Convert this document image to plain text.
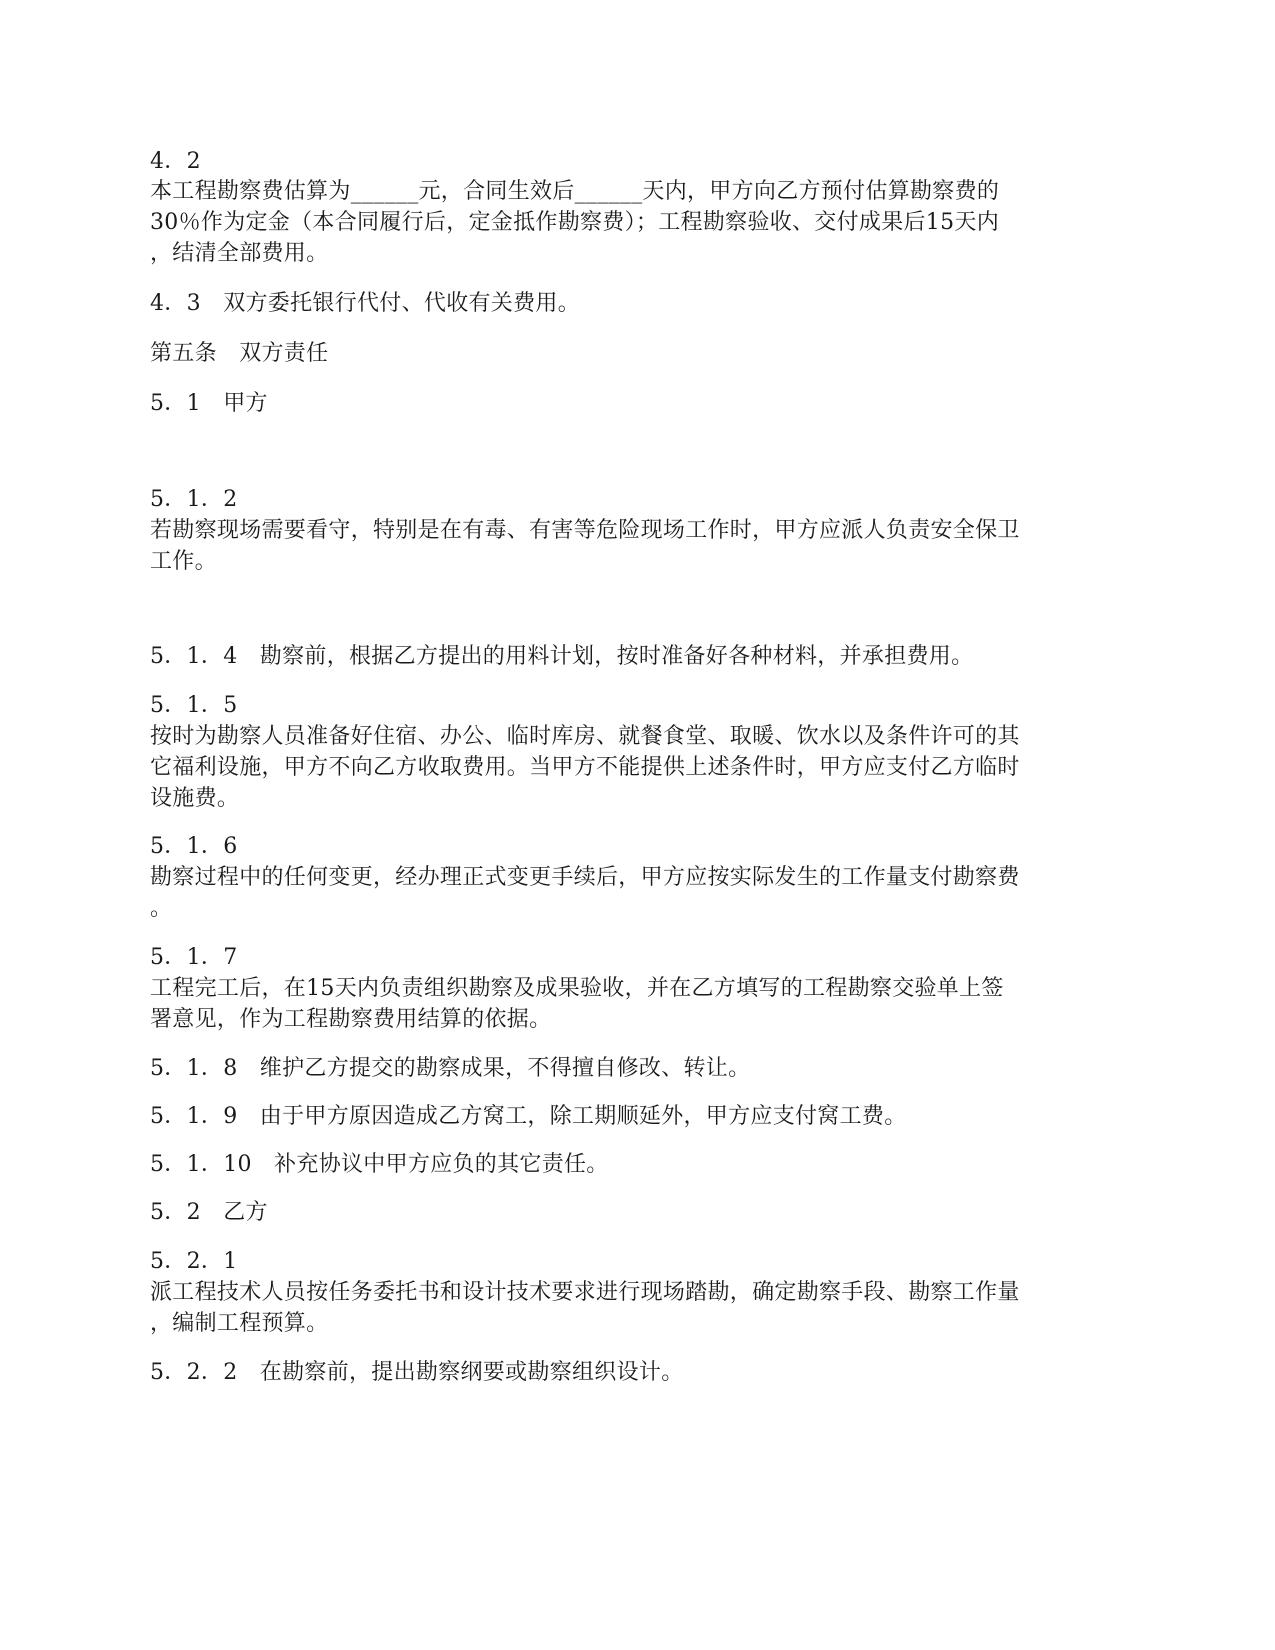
4．2
本工程勘察费估算为______元，合同生效后______天内，甲方向乙方预付估算勘察费的
30％作为定金（本合同履行后，定金抵作勘察费）；工程勘察验收、交付成果后15天内
，结清全部费用。
4．3　双方委托银行代付、代收有关费用。
第五条　双方责任
5．1　甲方
5．1．2
若勘察现场需要看守，特别是在有毒、有害等危险现场工作时，甲方应派人负责安全保卫
工作。
5．1．4　勘察前，根据乙方提出的用料计划，按时准备好各种材料，并承担费用。
5．1．5
按时为勘察人员准备好住宿、办公、临时库房、就餐食堂、取暖、饮水以及条件许可的其
它福利设施，甲方不向乙方收取费用。当甲方不能提供上述条件时，甲方应支付乙方临时
设施费。
5．1．6
勘察过程中的任何变更，经办理正式变更手续后，甲方应按实际发生的工作量支付勘察费
。
5．1．7
工程完工后，在15天内负责组织勘察及成果验收，并在乙方填写的工程勘察交验单上签
署意见，作为工程勘察费用结算的依据。
5．1．8　维护乙方提交的勘察成果，不得擅自修改、转让。
5．1．9　由于甲方原因造成乙方窝工，除工期顺延外，甲方应支付窝工费。
5．1．10　补充协议中甲方应负的其它责任。
5．2　乙方
5．2．1
派工程技术人员按任务委托书和设计技术要求进行现场踏勘，确定勘察手段、勘察工作量
，编制工程预算。
5．2．2　在勘察前，提出勘察纲要或勘察组织设计。
